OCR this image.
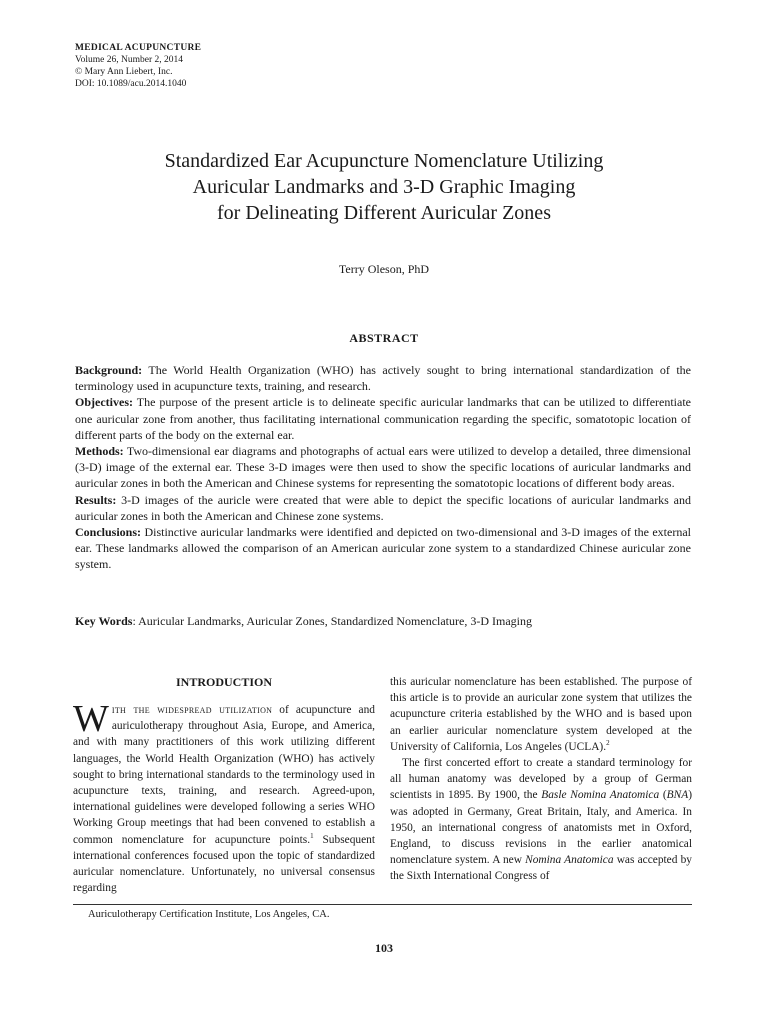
MEDICAL ACUPUNCTURE
Volume 26, Number 2, 2014
© Mary Ann Liebert, Inc.
DOI: 10.1089/acu.2014.1040
Standardized Ear Acupuncture Nomenclature Utilizing
Auricular Landmarks and 3-D Graphic Imaging
for Delineating Different Auricular Zones
Terry Oleson, PhD
ABSTRACT

Background: The World Health Organization (WHO) has actively sought to bring international standardization of the terminology used in acupuncture texts, training, and research.

Objectives: The purpose of the present article is to delineate specific auricular landmarks that can be utilized to differentiate one auricular zone from another, thus facilitating international communication regarding the specific, somatotopic location of different parts of the body on the external ear.

Methods: Two-dimensional ear diagrams and photographs of actual ears were utilized to develop a detailed, three dimensional (3-D) image of the external ear. These 3-D images were then used to show the specific locations of auricular landmarks and auricular zones in both the American and Chinese systems for representing the somatotopic locations of different body areas.

Results: 3-D images of the auricle were created that were able to depict the specific locations of auricular landmarks and auricular zones in both the American and Chinese zone systems.

Conclusions: Distinctive auricular landmarks were identified and depicted on two-dimensional and 3-D images of the external ear. These landmarks allowed the comparison of an American auricular zone system to a standardized Chinese auricular zone system.

Key Words: Auricular Landmarks, Auricular Zones, Standardized Nomenclature, 3-D Imaging
INTRODUCTION

With the widespread utilization of acupuncture and auriculotherapy throughout Asia, Europe, and America, and with many practitioners of this work utilizing different languages, the World Health Organization (WHO) has actively sought to bring international standards to the terminology used in acupuncture texts, training, and research. Agreed-upon, international guidelines were developed following a series WHO Working Group meetings that had been convened to establish a common nomenclature for acupuncture points.$^1$ Subsequent international conferences focused upon the topic of standardized auricular nomenclature. Unfortunately, no universal consensus regarding

this auricular nomenclature has been established. The purpose of this article is to provide an auricular zone system that utilizes the acupuncture criteria established by the WHO and is based upon an earlier auricular nomenclature system developed at the University of California, Los Angeles (UCLA).$^2$

The first concerted effort to create a standard terminology for all human anatomy was developed by a group of German scientists in 1895. By 1900, the Basle Nomina Anatomica (BNA) was adopted in Germany, Great Britain, Italy, and America. In 1950, an international congress of anatomists met in Oxford, England, to discuss revisions in the earlier anatomical nomenclature system. A new Nomina Anatomica was accepted by the Sixth International Congress of

Auriculotherapy Certification Institute, Los Angeles, CA.
103
